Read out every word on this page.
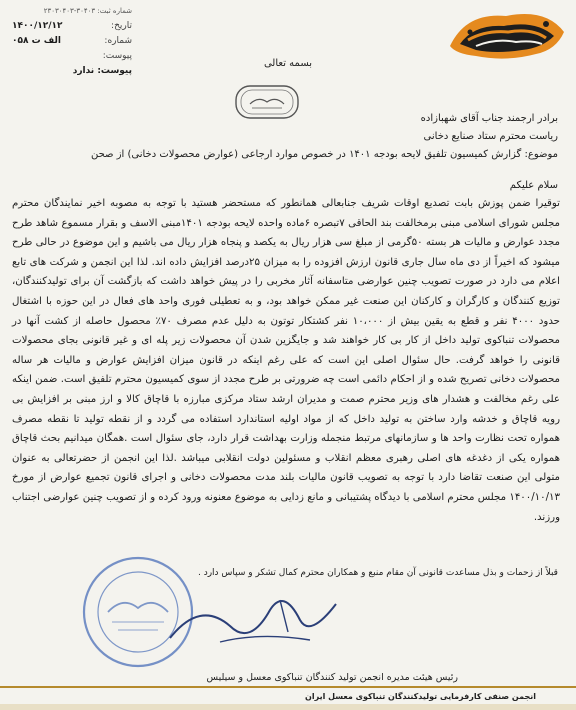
شماره ثبت: ۳۰۴۰۳-۲۳۰۳۰۴۰۳
تاریخ:
۱۴۰۰/۱۲/۱۲
شماره:
الف ت ۰۵۸
پیوست:
پیوست: ندارد
بسمه تعالی
برادر ارجمند جناب آقای شهبازاده
ریاست محترم ستاد صنایع دخانی
موضوع: گزارش کمیسیون تلفیق لایحه بودجه ۱۴۰۱ در خصوص موارد ارجاعی (عوارض محصولات دخانی) از صحن
سلام علیکم
توقیرا ضمن پوزش بابت تصدیع اوقات شریف جنابعالی همانطور که مستحضر هستید با توجه به مصوبه اخیر نمایندگان محترم مجلس شورای اسلامی مبنی برمخالفت بند الحاقی ۷تبصره ۶ماده واحده لایحه بودجه ۱۴۰۱مبنی الاسف و بقرار مسموع شاهد طرح مجدد عوارض و مالیات هر بسته ۵۰گرمی از مبلغ سی هزار ریال به یکصد و پنجاه هزار ریال می باشیم و این موضوع در حالی طرح میشود که اخیراً از دی ماه سال جاری قانون ارزش افزوده را به میزان ۲۵درصد افزایش داده اند. لذا این انجمن و شرکت های تابع اعلام می دارد در صورت تصویب چنین عوارضی متاسفانه آثار مخربی را در پیش خواهد داشت که بازگشت آن برای تولیدکنندگان، توزیع کنندگان و کارگران و کارکنان این صنعت غیر ممکن خواهد بود، و به تعطیلی فوری واحد های فعال در این حوزه با اشتغال حدود ۴۰۰۰ نفر و قطع به یقین بیش از ۱۰،۰۰۰ نفر کشتکار توتون به دلیل عدم مصرف ۷۰٪ محصول حاصله از کشت آنها در محصولات تنباکوی تولید داخل از کار بی کار خواهند شد و جایگزین شدن آن محصولات زیر پله ای و غیر قانونی بجای محصولات قانونی را خواهد گرفت. حال سئوال اصلی این است که علی رغم اینکه در قانون میزان افزایش عوارض و مالیات هر ساله محصولات دخانی تصریح شده و از احکام دائمی است چه ضرورتی بر طرح مجدد از سوی کمیسیون محترم تلفیق است. ضمن اینکه علی رغم مخالفت و هشدار های وزیر محترم صمت و مدیران ارشد ستاد مرکزی مبارزه با قاچاق کالا و ارز مبنی بر افزایش بی رویه قاچاق و خدشه وارد ساختن به تولید داخل که از مواد اولیه استاندارد استفاده می گردد و از نقطه تولید تا نقطه مصرف همواره تحت نظارت واحد ها و سازمانهای مرتبط منجمله وزارت بهداشت قرار دارد، جای سئوال است .همگان میدانیم بحث قاچاق همواره یکی از دغدغه های اصلی رهبری معظم انقلاب و مسئولین دولت انقلابی میباشد .لذا این انجمن از حضرتعالی به عنوان متولی این صنعت تقاضا دارد با توجه به تصویب قانون مالیات بلند مدت محصولات دخانی و اجرای قانون تجمیع عوارض از مورخ ۱۴۰۰/۱۰/۱۳ مجلس محترم اسلامی با دیدگاه پشتیبانی و مانع زدایی به موضوع معنونه ورود کرده و از تصویب چنین عوارضی اجتناب ورزند.
قبلاً از زحمات و بذل مساعدت قانونی آن مقام منبع و همکاران محترم کمال تشکر و سپاس دارد .
رئیس هیئت مدیره انجمن تولید کنندگان تنباکوی معسل و سیلیس
انجمن صنفی کارفرمایی تولیدکنندگان تنباکوی معسل ایران
